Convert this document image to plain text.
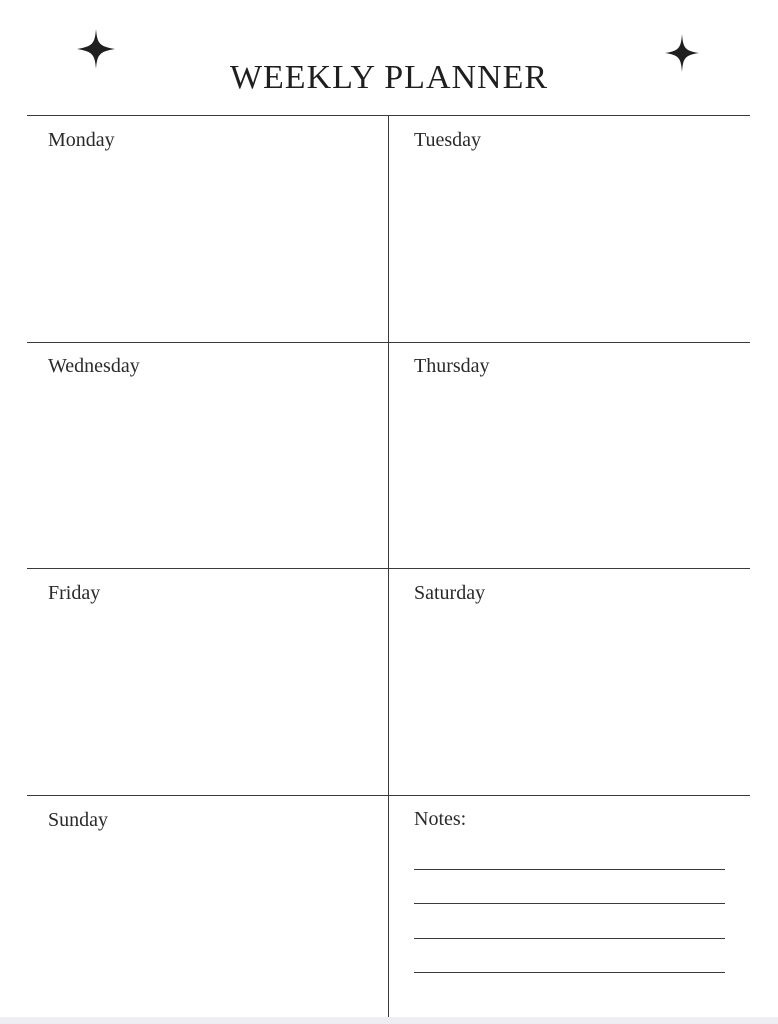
WEEKLY PLANNER
Monday	Tuesday
Wednesday	Thursday
Friday	Saturday
Sunday	Notes:
